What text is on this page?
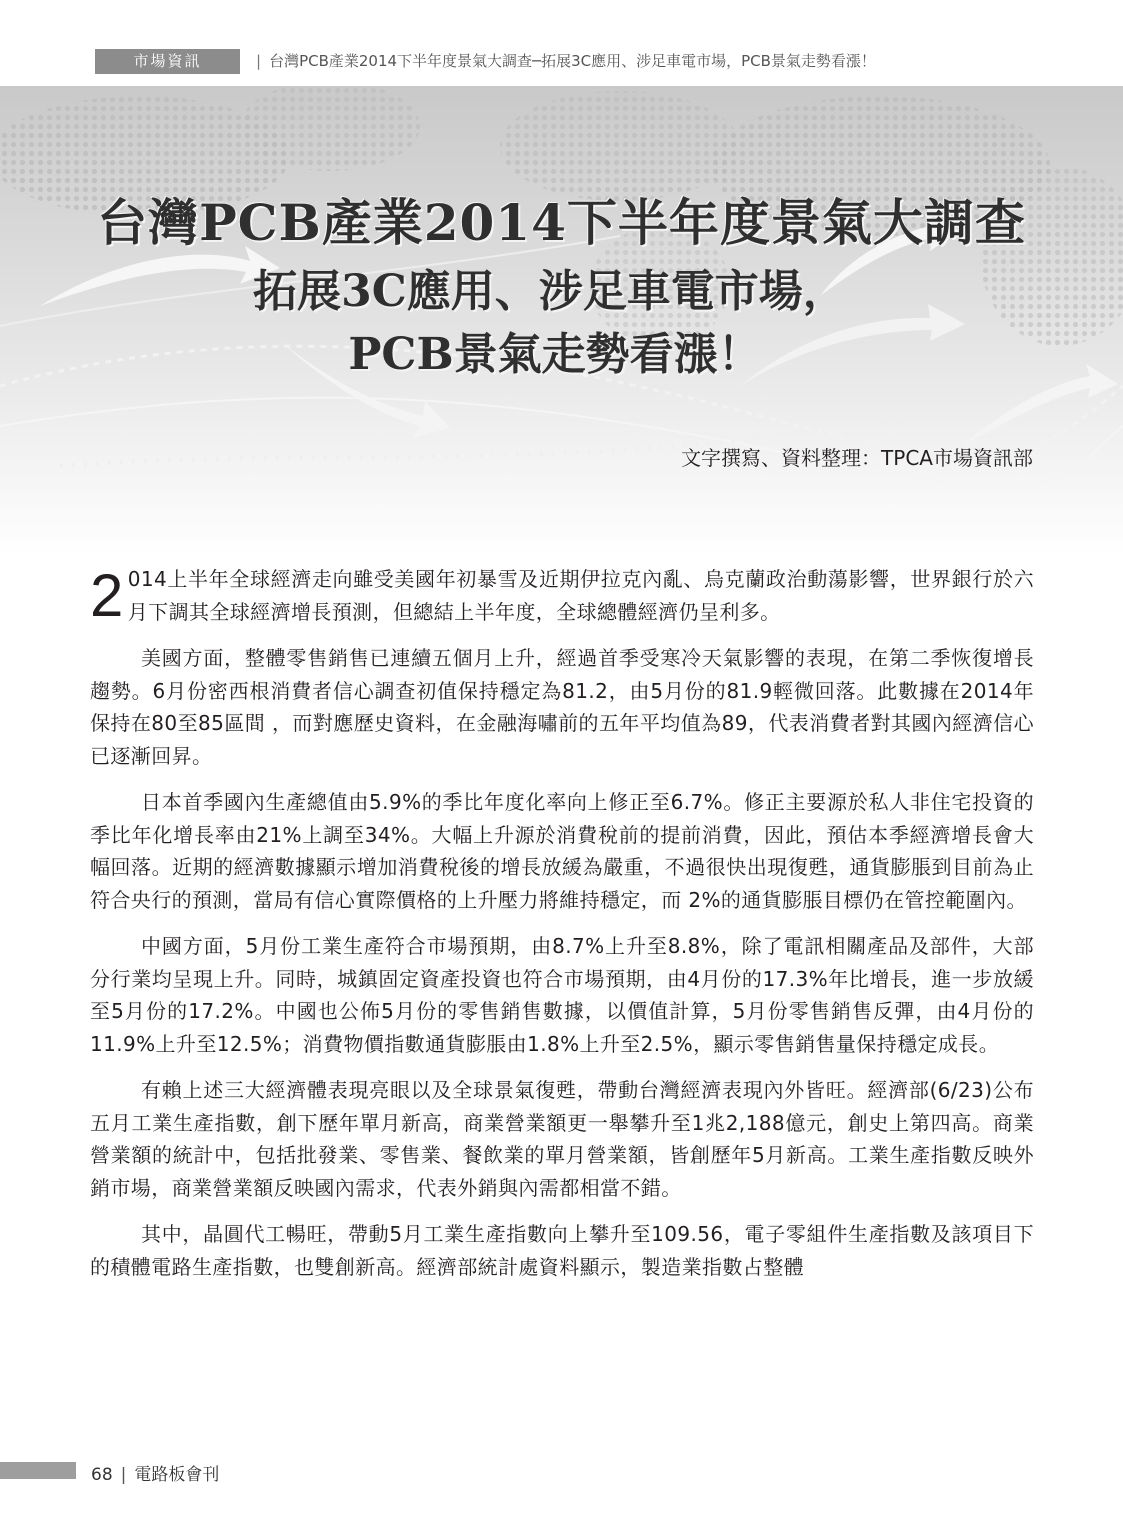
市場資訊	| 台灣PCB產業2014下半年度景氣大調查─拓展3C應用、涉足車電市場，PCB景氣走勢看漲！
台灣PCB產業2014下半年度景氣大調查
拓展3C應用、涉足車電市場，
PCB景氣走勢看漲！
文字撰寫、資料整理：TPCA市場資訊部

2 014上半年全球經濟走向雖受美國年初暴雪及近期伊拉克內亂、烏克蘭政治動蕩影響，世界銀行於六月下調其全球經濟增長預測，但總結上半年度，全球總體經濟仍呈利多。

美國方面，整體零售銷售已連續五個月上升，經過首季受寒冷天氣影響的表現，在第二季恢復增長趨勢。6月份密西根消費者信心調查初值保持穩定為81.2，由5月份的81.9輕微回落。此數據在2014年保持在80至85區間 ，而對應歷史資料，在金融海嘯前的五年平均值為89，代表消費者對其國內經濟信心已逐漸回昇。

日本首季國內生產總值由5.9%的季比年度化率向上修正至6.7%。修正主要源於私人非住宅投資的季比年化增長率由21%上調至34%。大幅上升源於消費稅前的提前消費，因此，預估本季經濟增長會大幅回落。近期的經濟數據顯示增加消費稅後的增長放緩為嚴重，不過很快出現復甦，通貨膨脹到目前為止符合央行的預測，當局有信心實際價格的上升壓力將維持穩定，而 2%的通貨膨脹目標仍在管控範圍內。

中國方面，5月份工業生產符合市場預期，由8.7%上升至8.8%，除了電訊相關產品及部件，大部分行業均呈現上升。同時，城鎮固定資產投資也符合市場預期，由4月份的17.3%年比增長，進一步放緩至5月份的17.2%。中國也公佈5月份的零售銷售數據，以價值計算，5月份零售銷售反彈，由4月份的11.9%上升至12.5%；消費物價指數通貨膨脹由1.8%上升至2.5%，顯示零售銷售量保持穩定成長。

有賴上述三大經濟體表現亮眼以及全球景氣復甦，帶動台灣經濟表現內外皆旺。經濟部(6/23)公布五月工業生產指數，創下歷年單月新高，商業營業額更一舉攀升至1兆2,188億元，創史上第四高。商業營業額的統計中，包括批發業、零售業、餐飲業的單月營業額，皆創歷年5月新高。工業生產指數反映外銷市場，商業營業額反映國內需求，代表外銷與內需都相當不錯。

其中，晶圓代工暢旺，帶動5月工業生產指數向上攀升至109.56，電子零組件生產指數及該項目下的積體電路生產指數，也雙創新高。經濟部統計處資料顯示，製造業指數占整體

68 | 電路板會刊
